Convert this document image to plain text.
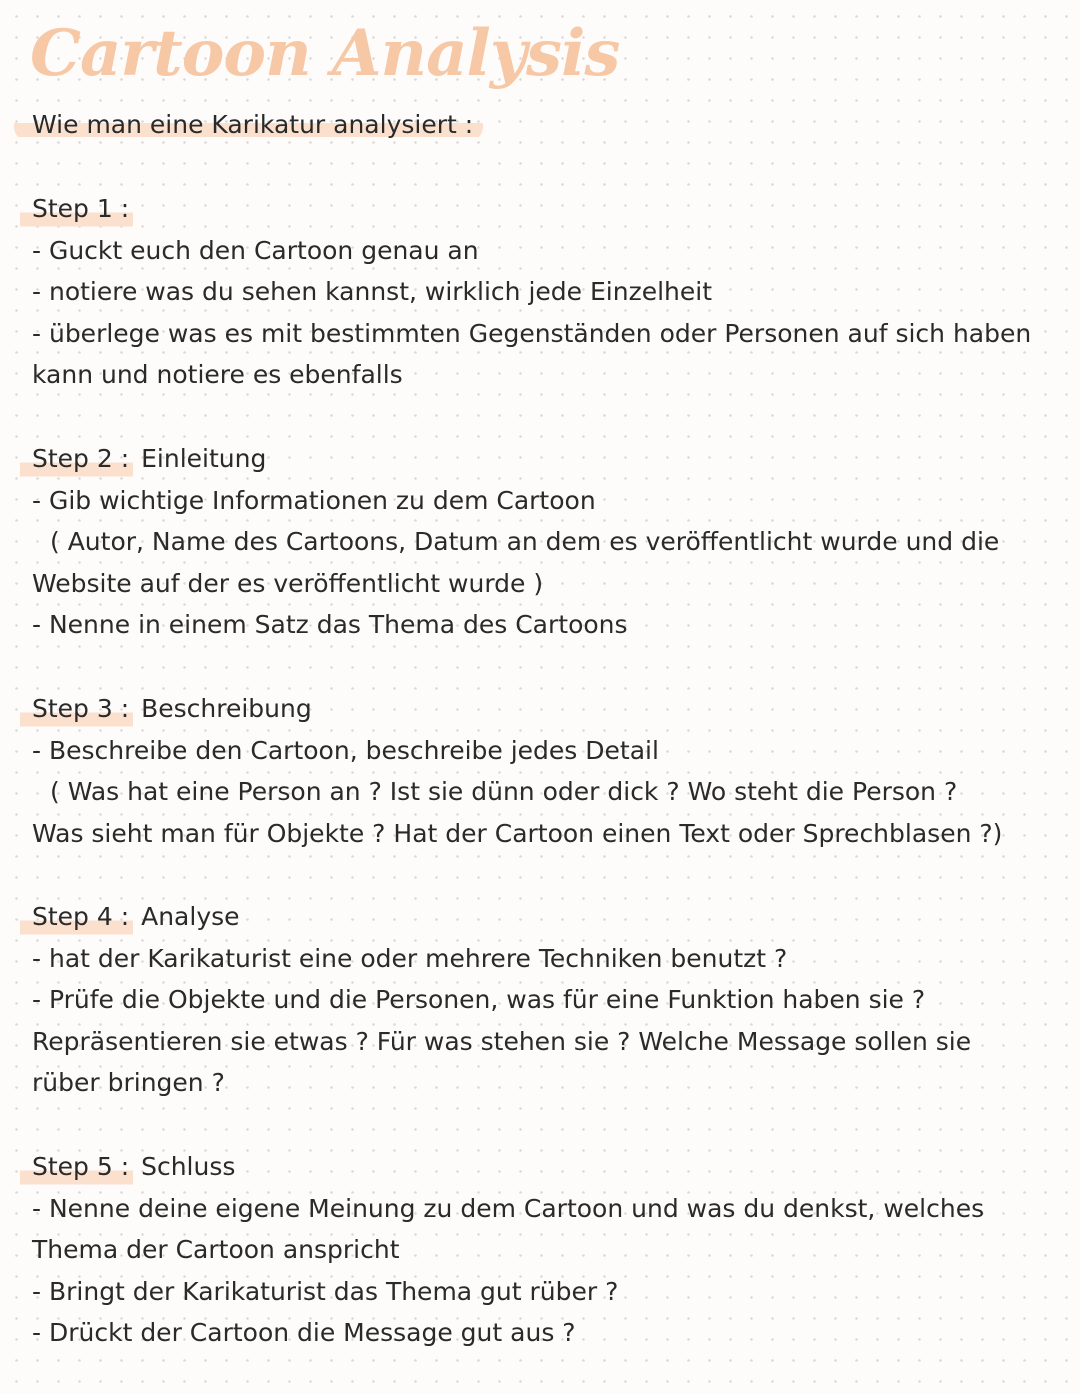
Cartoon Analysis
Wie man eine Karikatur analysiert :
Step 1 :
- Guckt euch den Cartoon genau an
- notiere was du sehen kannst, wirklich jede Einzelheit
- überlege was es mit bestimmten Gegenständen oder Personen auf sich haben
kann und notiere es ebenfalls
Step 2 : Einleitung
- Gib wichtige Informationen zu dem Cartoon
( Autor, Name des Cartoons, Datum an dem es veröffentlicht wurde und die
Website auf der es veröffentlicht wurde )
- Nenne in einem Satz das Thema des Cartoons
Step 3 : Beschreibung
- Beschreibe den Cartoon, beschreibe jedes Detail
( Was hat eine Person an ? Ist sie dünn oder dick ? Wo steht die Person ?
Was sieht man für Objekte ? Hat der Cartoon einen Text oder Sprechblasen ?)
Step 4 : Analyse
- hat der Karikaturist eine oder mehrere Techniken benutzt ?
- Prüfe die Objekte und die Personen, was für eine Funktion haben sie ?
Repräsentieren sie etwas ? Für was stehen sie ? Welche Message sollen sie
rüber bringen ?
Step 5 : Schluss
- Nenne deine eigene Meinung zu dem Cartoon und was du denkst, welches
Thema der Cartoon anspricht
- Bringt der Karikaturist das Thema gut rüber ?
- Drückt der Cartoon die Message gut aus ?
